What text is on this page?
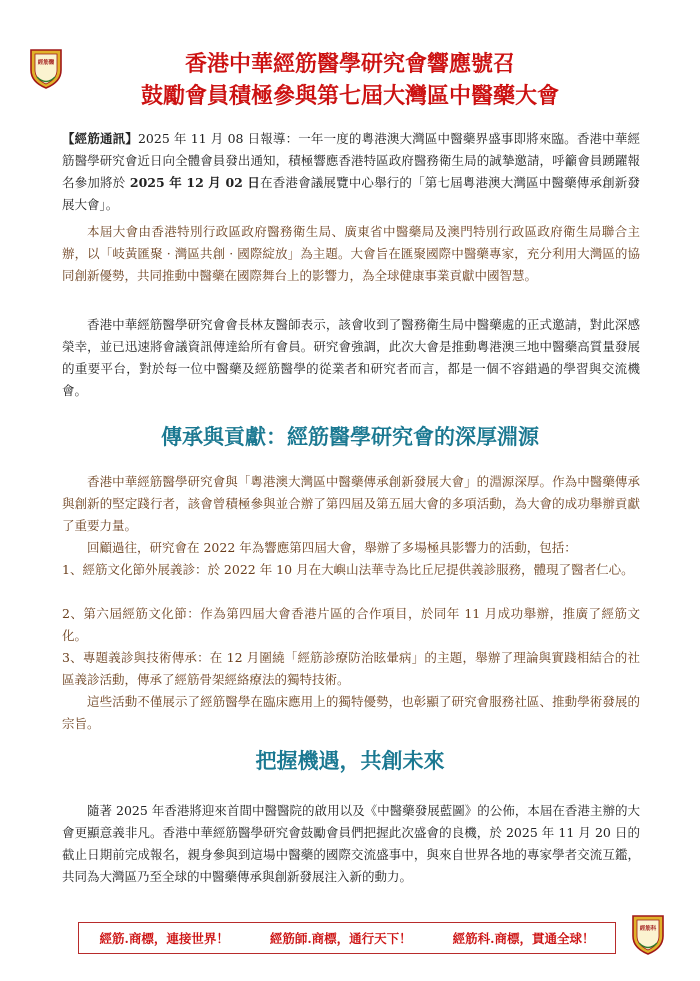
經筋醫	香港中華經筋醫學研究會響應號召
鼓勵會員積極參與第七屆大灣區中醫藥大會

【經筋通訊】2025 年 11 月 08 日報導：一年一度的粵港澳大灣區中醫藥界盛事即將來臨。香港中華經筋醫學研究會近日向全體會員發出通知，積極響應香港特區政府醫務衛生局的誠摯邀請，呼籲會員踴躍報名參加將於 2025 年 12 月 02 日在香港會議展覽中心舉行的「第七屆粵港澳大灣區中醫藥傳承創新發展大會」。

本屆大會由香港特別行政區政府醫務衛生局、廣東省中醫藥局及澳門特別行政區政府衛生局聯合主辦，以「岐黃匯聚 · 灣區共創 · 國際綻放」為主題。大會旨在匯聚國際中醫藥專家，充分利用大灣區的協同創新優勢，共同推動中醫藥在國際舞台上的影響力，為全球健康事業貢獻中國智慧。

香港中華經筋醫學研究會會長林友醫師表示，該會收到了醫務衛生局中醫藥處的正式邀請，對此深感榮幸，並已迅速將會議資訊傳達給所有會員。研究會強調，此次大會是推動粵港澳三地中醫藥高質量發展的重要平台，對於每一位中醫藥及經筋醫學的從業者和研究者而言，都是一個不容錯過的學習與交流機會。

傳承與貢獻：經筋醫學研究會的深厚淵源

香港中華經筋醫學研究會與「粵港澳大灣區中醫藥傳承創新發展大會」的淵源深厚。作為中醫藥傳承與創新的堅定踐行者，該會曾積極參與並合辦了第四屆及第五屆大會的多項活動，為大會的成功舉辦貢獻了重要力量。

回顧過往，研究會在 2022 年為響應第四屆大會，舉辦了多場極具影響力的活動，包括：

1、經筋文化節外展義診：於 2022 年 10 月在大嶼山法華寺為比丘尼提供義診服務，體現了醫者仁心。

2、第六屆經筋文化節：作為第四屆大會香港片區的合作項目，於同年 11 月成功舉辦，推廣了經筋文化。

3、專題義診與技術傳承：在 12 月圍繞「經筋診療防治眩暈病」的主題，舉辦了理論與實踐相結合的社區義診活動，傳承了經筋骨架經絡療法的獨特技術。

這些活動不僅展示了經筋醫學在臨床應用上的獨特優勢，也彰顯了研究會服務社區、推動學術發展的宗旨。

把握機遇，共創未來

隨著 2025 年香港將迎來首間中醫醫院的啟用以及《中醫藥發展藍圖》的公佈，本屆在香港主辦的大會更顯意義非凡。香港中華經筋醫學研究會鼓勵會員們把握此次盛會的良機，於 2025 年 11 月 20 日的截止日期前完成報名，親身參與到這場中醫藥的國際交流盛事中，與來自世界各地的專家學者交流互鑑，共同為大灣區乃至全球的中醫藥傳承與創新發展注入新的動力。

經筋.商標，連接世界！	經筋師.商標，通行天下！	經筋科.商標，貫通全球！
經筋科
